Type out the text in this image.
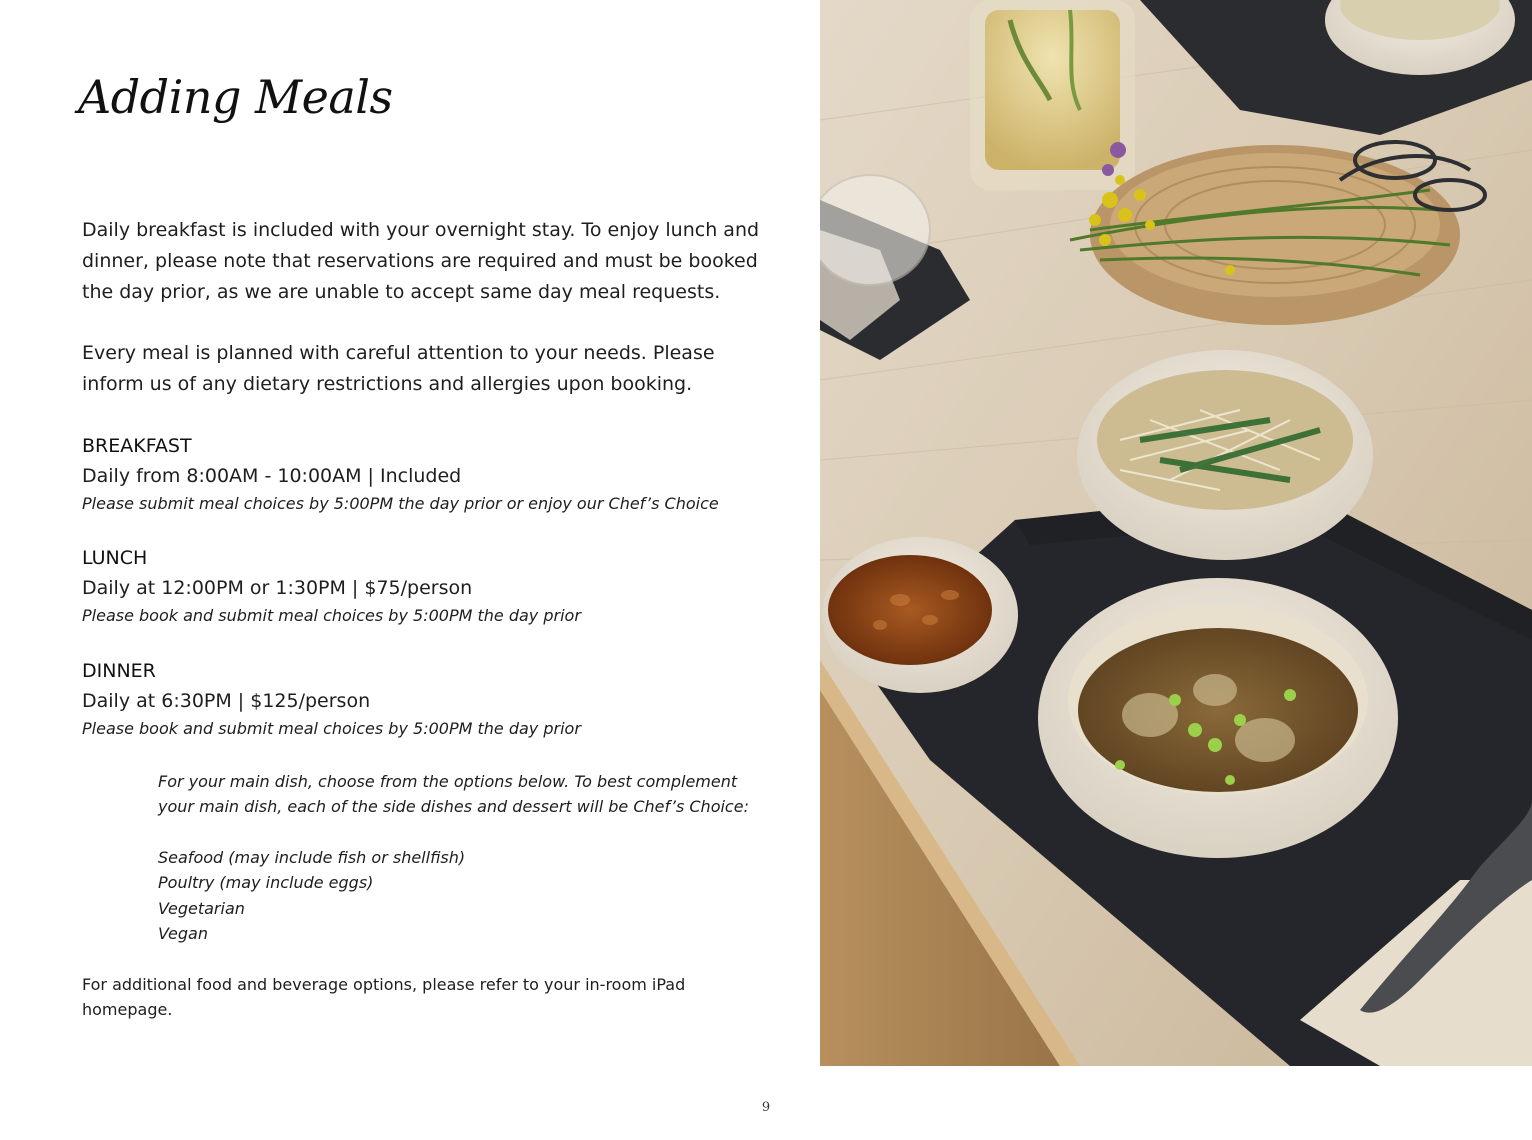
Adding Meals

Daily breakfast is included with your overnight stay. To enjoy lunch and dinner, please note that reservations are required and must be booked the day prior, as we are unable to accept same day meal requests.

Every meal is planned with careful attention to your needs. Please inform us of any dietary restrictions and allergies upon booking.

BREAKFAST
Daily from 8:00AM - 10:00AM | Included
Please submit meal choices by 5:00PM the day prior or enjoy our Chef’s Choice
LUNCH
Daily at 12:00PM or 1:30PM | $75/person
Please book and submit meal choices by 5:00PM the day prior
DINNER
Daily at 6:30PM | $125/person
Please book and submit meal choices by 5:00PM the day prior
For your main dish, choose from the options below. To best complement your main dish, each of the side dishes and dessert will be Chef’s Choice:
Seafood (may include fish or shellfish)
Poultry (may include eggs)
Vegetarian
Vegan

For additional food and beverage options, please refer to your in-room iPad homepage.

9
